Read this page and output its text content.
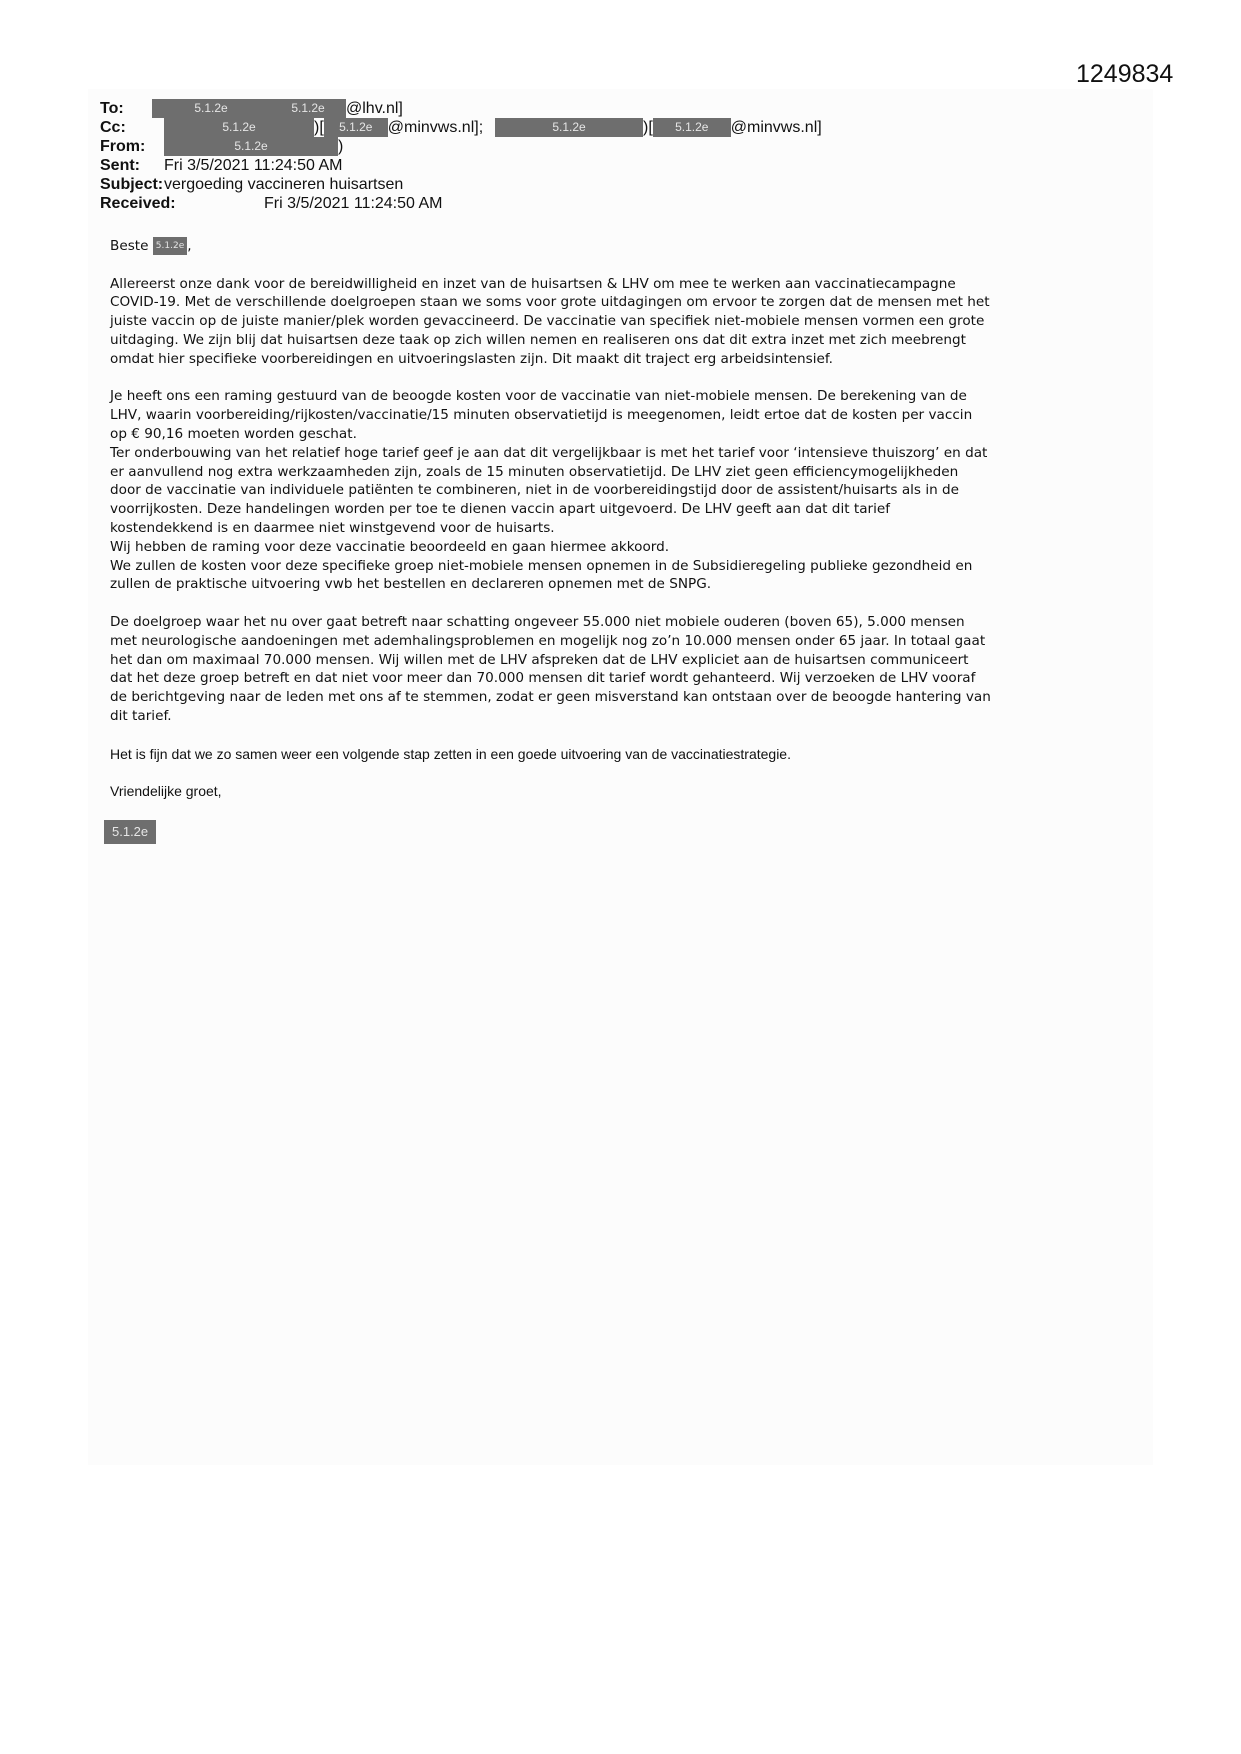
1249834
To:	5.1.2e	5.1.2e @lhv.nl]
Cc:	5.1.2e	)[ 5.1.2e @minvws.nl];	5.1.2e	)[ 5.1.2e @minvws.nl]
From:	5.1.2e	)
Sent: Fri 3/5/2021 11:24:50 AM
Subject: vergoeding vaccineren huisartsen
Received:	Fri 3/5/2021 11:24:50 AM

Beste 5.1.2e ,

Allereerst onze dank voor de bereidwilligheid en inzet van de huisartsen & LHV om mee te werken aan vaccinatiecampagne
COVID-19. Met de verschillende doelgroepen staan we soms voor grote uitdagingen om ervoor te zorgen dat de mensen met het
juiste vaccin op de juiste manier/plek worden gevaccineerd. De vaccinatie van specifiek niet-mobiele mensen vormen een grote
uitdaging. We zijn blij dat huisartsen deze taak op zich willen nemen en realiseren ons dat dit extra inzet met zich meebrengt
omdat hier specifieke voorbereidingen en uitvoeringslasten zijn. Dit maakt dit traject erg arbeidsintensief.

Je heeft ons een raming gestuurd van de beoogde kosten voor de vaccinatie van niet-mobiele mensen. De berekening van de
LHV, waarin voorbereiding/rijkosten/vaccinatie/15 minuten observatietijd is meegenomen, leidt ertoe dat de kosten per vaccin
op € 90,16 moeten worden geschat.
Ter onderbouwing van het relatief hoge tarief geef je aan dat dit vergelijkbaar is met het tarief voor ‘intensieve thuiszorg’ en dat
er aanvullend nog extra werkzaamheden zijn, zoals de 15 minuten observatietijd. De LHV ziet geen efficiencymogelijkheden
door de vaccinatie van individuele patiënten te combineren, niet in de voorbereidingstijd door de assistent/huisarts als in de
voorrijkosten. Deze handelingen worden per toe te dienen vaccin apart uitgevoerd. De LHV geeft aan dat dit tarief
kostendekkend is en daarmee niet winstgevend voor de huisarts.
Wij hebben de raming voor deze vaccinatie beoordeeld en gaan hiermee akkoord.
We zullen de kosten voor deze specifieke groep niet-mobiele mensen opnemen in de Subsidieregeling publieke gezondheid en
zullen de praktische uitvoering vwb het bestellen en declareren opnemen met de SNPG.

De doelgroep waar het nu over gaat betreft naar schatting ongeveer 55.000 niet mobiele ouderen (boven 65), 5.000 mensen
met neurologische aandoeningen met ademhalingsproblemen en mogelijk nog zo’n 10.000 mensen onder 65 jaar. In totaal gaat
het dan om maximaal 70.000 mensen. Wij willen met de LHV afspreken dat de LHV expliciet aan de huisartsen communiceert
dat het deze groep betreft en dat niet voor meer dan 70.000 mensen dit tarief wordt gehanteerd. Wij verzoeken de LHV vooraf
de berichtgeving naar de leden met ons af te stemmen, zodat er geen misverstand kan ontstaan over de beoogde hantering van
dit tarief.

Het is fijn dat we zo samen weer een volgende stap zetten in een goede uitvoering van de vaccinatiestrategie.

Vriendelijke groet,

5.1.2e
